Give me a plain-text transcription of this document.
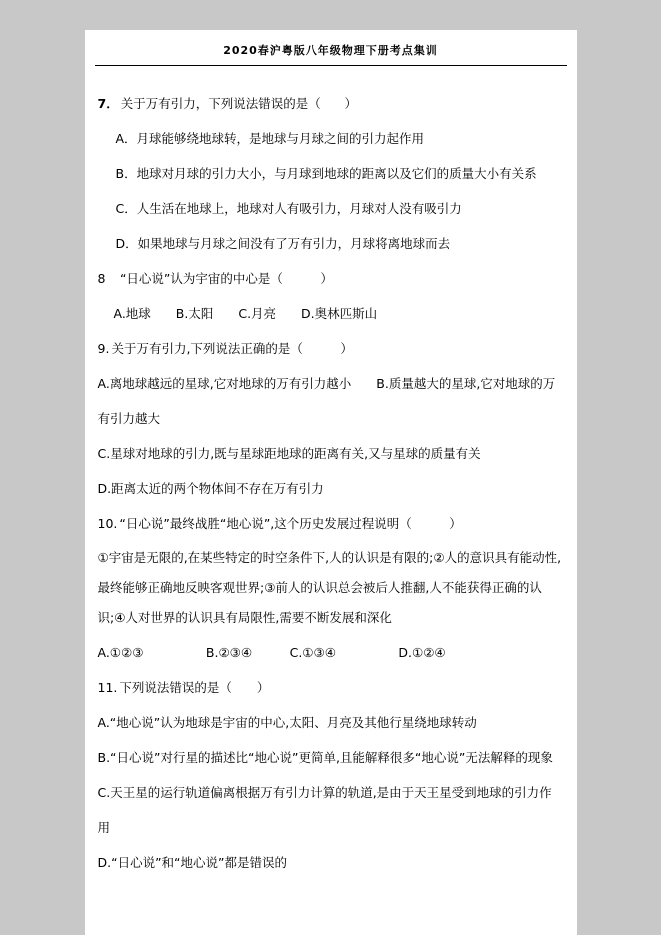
2020春沪粤版八年级物理下册考点集训

7． 关于万有引力，下列说法错误的是（      ）

A．月球能够绕地球转，是地球与月球之间的引力起作用

B．地球对月球的引力大小，与月球到地球的距离以及它们的质量大小有关系

C．人生活在地球上，地球对人有吸引力，月球对人没有吸引力

D．如果地球与月球之间没有了万有引力，月球将离地球而去

8　“日心说”认为宇宙的中心是（　　　）

A.地球　　B.太阳　　C.月亮　　D.奥林匹斯山

9. 关于万有引力,下列说法正确的是（　　　）

A.离地球越远的星球,它对地球的万有引力越小　　B.质量越大的星球,它对地球的万有引力越大

C.星球对地球的引力,既与星球距地球的距离有关,又与星球的质量有关

D.距离太近的两个物体间不存在万有引力

10. “日心说”最终战胜“地心说”,这个历史发展过程说明（　　　）

①宇宙是无限的,在某些特定的时空条件下,人的认识是有限的;②人的意识具有能动性,最终能够正确地反映客观世界;③前人的认识总会被后人推翻,人不能获得正确的认识;④人对世界的认识具有局限性,需要不断发展和深化

A.①②③　　　　　B.②③④　　　C.①③④　　　　　D.①②④

11. 下列说法错误的是（　　）

A.“地心说”认为地球是宇宙的中心,太阳、月亮及其他行星绕地球转动

B.“日心说”对行星的描述比“地心说”更简单,且能解释很多“地心说”无法解释的现象

C.天王星的运行轨道偏离根据万有引力计算的轨道,是由于天王星受到地球的引力作用

D.“日心说”和“地心说”都是错误的
